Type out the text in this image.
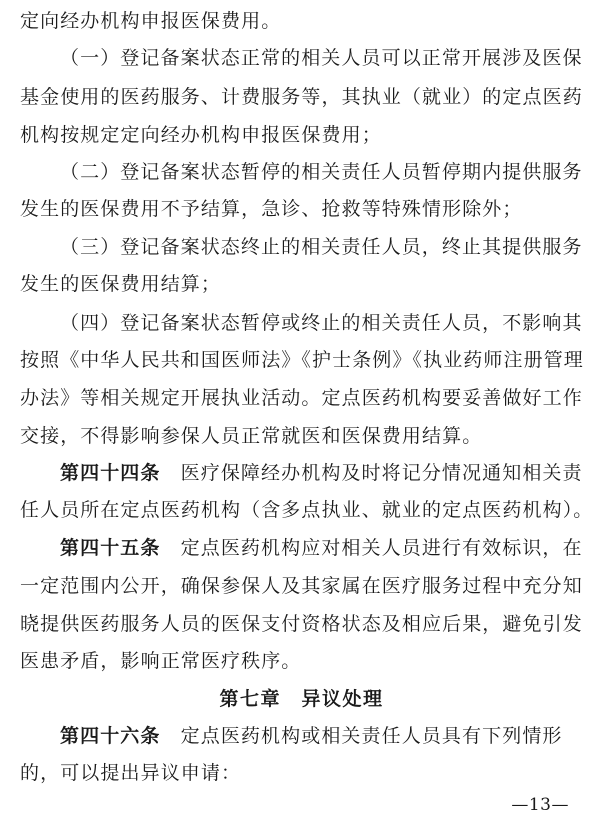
定向经办机构申报医保费用。
（一）登记备案状态正常的相关人员可以正常开展涉及医保
基金使用的医药服务、计费服务等，其执业（就业）的定点医药
机构按规定定向经办机构申报医保费用；
（二）登记备案状态暂停的相关责任人员暂停期内提供服务
发生的医保费用不予结算，急诊、抢救等特殊情形除外；
（三）登记备案状态终止的相关责任人员，终止其提供服务
发生的医保费用结算；
（四）登记备案状态暂停或终止的相关责任人员，不影响其
按照《中华人民共和国医师法》《护士条例》《执业药师注册管理
办法》等相关规定开展执业活动。定点医药机构要妥善做好工作
交接，不得影响参保人员正常就医和医保费用结算。
第四十四条　 医疗保障经办机构及时将记分情况通知相关责
任人员所在定点医药机构（含多点执业、就业的定点医药机构）。
第四十五条　 定点医药机构应对相关人员进行有效标识，在
一定范围内公开，确保参保人及其家属在医疗服务过程中充分知
晓提供医药服务人员的医保支付资格状态及相应后果，避免引发
医患矛盾，影响正常医疗秩序。
第七章　异议处理
第四十六条　 定点医药机构或相关责任人员具有下列情形
的，可以提出异议申请：
—13—
